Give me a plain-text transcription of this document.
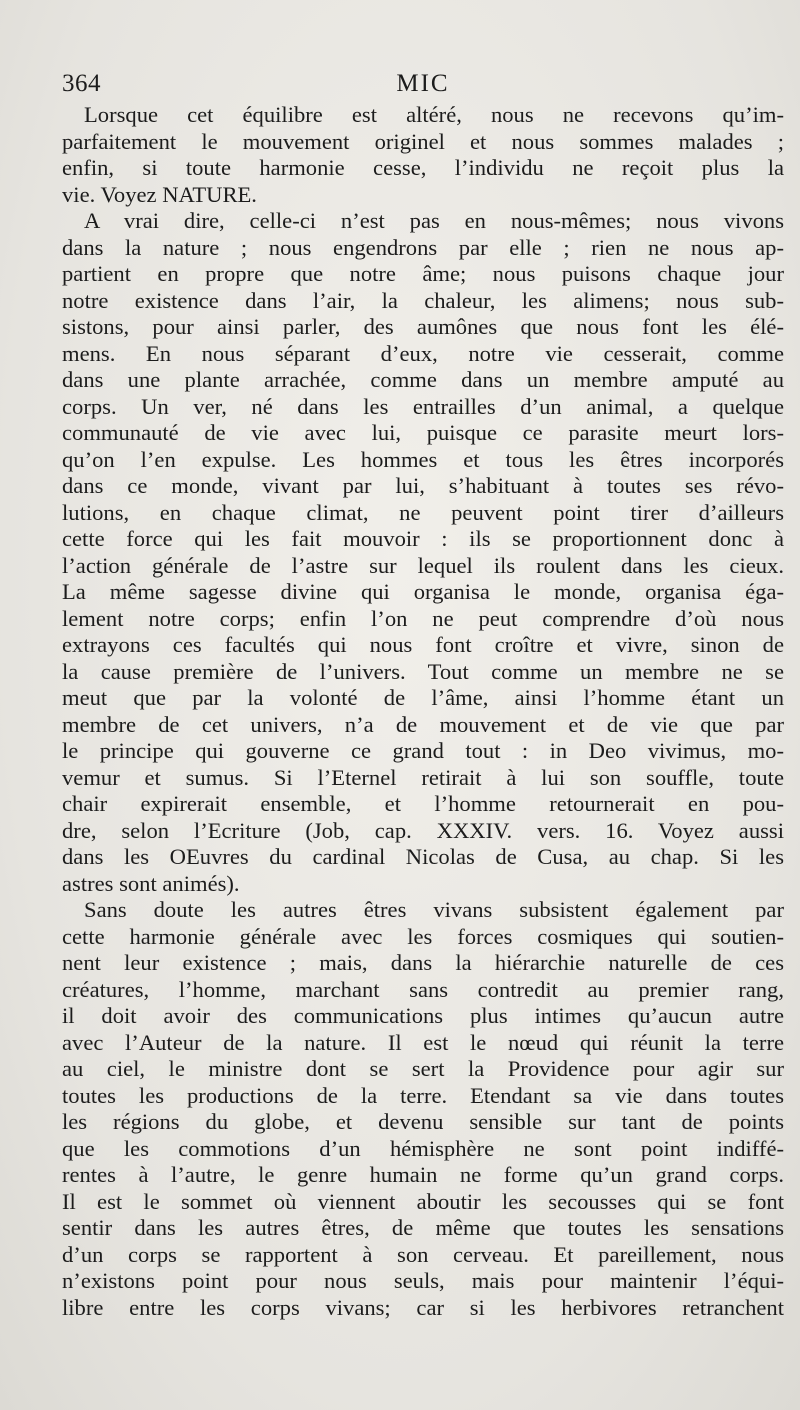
364	MIC
Lorsque cet équilibre est altéré, nous ne recevons qu’im-
parfaitement le mouvement originel et nous sommes malades ;
enfin, si toute harmonie cesse, l’individu ne reçoit plus la
vie. Voyez NATURE.
A vrai dire, celle-ci n’est pas en nous-mêmes; nous vivons
dans la nature ; nous engendrons par elle ; rien ne nous ap-
partient en propre que notre âme; nous puisons chaque jour
notre existence dans l’air, la chaleur, les alimens; nous sub-
sistons, pour ainsi parler, des aumônes que nous font les élé-
mens. En nous séparant d’eux, notre vie cesserait, comme
dans une plante arrachée, comme dans un membre amputé au
corps. Un ver, né dans les entrailles d’un animal, a quelque
communauté de vie avec lui, puisque ce parasite meurt lors-
qu’on l’en expulse. Les hommes et tous les êtres incorporés
dans ce monde, vivant par lui, s’habituant à toutes ses révo-
lutions, en chaque climat, ne peuvent point tirer d’ailleurs
cette force qui les fait mouvoir : ils se proportionnent donc à
l’action générale de l’astre sur lequel ils roulent dans les cieux.
La même sagesse divine qui organisa le monde, organisa éga-
lement notre corps; enfin l’on ne peut comprendre d’où nous
extrayons ces facultés qui nous font croître et vivre, sinon de
la cause première de l’univers. Tout comme un membre ne se
meut que par la volonté de l’âme, ainsi l’homme étant un
membre de cet univers, n’a de mouvement et de vie que par
le principe qui gouverne ce grand tout : in Deo vivimus, mo-
vemur et sumus. Si l’Eternel retirait à lui son souffle, toute
chair expirerait ensemble, et l’homme retournerait en pou-
dre, selon l’Ecriture (Job, cap. XXXIV. vers. 16. Voyez aussi
dans les OEuvres du cardinal Nicolas de Cusa, au chap. Si les
astres sont animés).
Sans doute les autres êtres vivans subsistent également par
cette harmonie générale avec les forces cosmiques qui soutien-
nent leur existence ; mais, dans la hiérarchie naturelle de ces
créatures, l’homme, marchant sans contredit au premier rang,
il doit avoir des communications plus intimes qu’aucun autre
avec l’Auteur de la nature. Il est le nœud qui réunit la terre
au ciel, le ministre dont se sert la Providence pour agir sur
toutes les productions de la terre. Etendant sa vie dans toutes
les régions du globe, et devenu sensible sur tant de points
que les commotions d’un hémisphère ne sont point indiffé-
rentes à l’autre, le genre humain ne forme qu’un grand corps.
Il est le sommet où viennent aboutir les secousses qui se font
sentir dans les autres êtres, de même que toutes les sensations
d’un corps se rapportent à son cerveau. Et pareillement, nous
n’existons point pour nous seuls, mais pour maintenir l’équi-
libre entre les corps vivans; car si les herbivores retranchent
